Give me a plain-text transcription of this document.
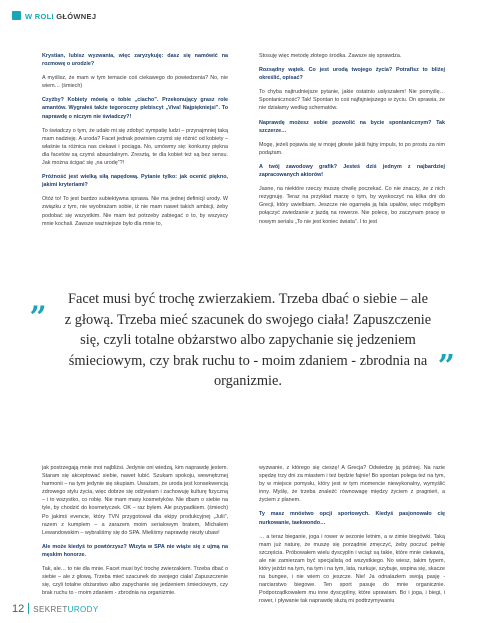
W ROLI GŁÓWNEJ

Krystian, lubisz wyzwania, więc zaryzykuję: dasz się namówić na rozmowę o urodzie?

A myślisz, że mam w tym temacie coś ciekawego do powiedzenia? No, nie wiem… (śmiech)

Czyżby? Kobiety mówią o tobie „ciacho”. Przekonujący grasz role amantów. Wygrałeś także tegoroczny plebiscyt „Viva! Najpiękniejsi”. To naprawdę o niczym nie świadczy?!

To świadczy o tym, że udało mi się zdobyć sympatię ludzi – przynajmniej taką mam nadzieję. A uroda? Facet jednak powinien czymś się różnić od kobiety – właśnie ta różnica nas ciekawi i pociąga. No, umówmy się: konkursy piękna dla facetów są czymś absurdalnym. Zresztą, te dla kobiet też są bez sensu. Jak można ścigać się „na urodę”?!

Próżność jest wielką siłą napędową. Pytanie tylko: jak ocenić piękno, jakimi kryteriami?

Otóż to! To jest bardzo subiektywna sprawa. Nie ma jednej definicji urody. W związku z tym, nie wyobrażam sobie, iż nie mam nawet takich ambicji, żeby podobać się wszystkim. Nie mam też potrzeby zabiegać o to, by wszyscy mnie kochali. Zawsze ważniejsze było dla mnie to,

Stosuję więc metodę złotego środka. Zawsze się sprawdza.

Rozsądny wątek. Co jest urodą twojego życia? Potrafisz to bliżej określić, opisać?

To chyba najtrudniejsze pytanie, jakie ostatnio usłyszałem! Nie pomyślę… Spontaniczność? Tak! Spontan to coś najfajniejszego w życiu. On sprawia, że nie działamy według schematów.

Naprawdę możesz sobie pozwolić na bycie spontanicznym? Tak szczerze…

Mogę, jeżeli pojawia się w mojej głowie jakiś fajny impuls, to po prostu za nim podążam.

A twój zawodowy grafik? Jesteś dziś jednym z najbardziej zapracowanych aktorów!

Jasne, na niektóre rzeczy muszę chwilę poczekać. Co nie znaczy, że z nich rezygnuję. Teraz na przykład marzę o tym, by wyskoczyć na kilka dni do Grecji, który uwielbiam. Jeszcze nie ogarnęła ją fala upałów, więc mógłbym połączyć zwiedzanie z jazdą na rowerze. Nie polecę, bo zaczynam pracę w nowym serialu „To nie jest koniec świata”. I to jest

„ Facet musi być trochę zwierzakiem. Trzeba dbać o siebie – ale z głową. Trzeba mieć szacunek do swojego ciała! Zapuszczenie się, czyli totalne obżarstwo albo zapychanie się jedzeniem śmieciowym, czy brak ruchu to - moim zdaniem - zbrodnia na organizmie.	”

jak postrzegają mnie moi najbliżsi. Jedynie oni wiedzą, kim naprawdę jestem. Staram się akceptować siebie, nawet lubić. Szukam spokoju, wewnętrznej harmonii – na tym jedynie się skupiam. Uważam, że uroda jest konsekwencją zdrowego stylu życia, więc dobrze się odżywiam i zachowuję kulturę fizyczną – i to wszystko, co robię. Nie mam masy kosmetyków. Nie dbam o siebie na tyle, by chodzić do kosmetyczek. OK – raz byłem. Ale przypadkiem. (śmiech) Po jakimś evencie, który TVN przygotował dla ekipy produkcyjnej „Julii”, razem z kumplem – a zarazem moim serialowym bratem, Michałem Lewandowskim – wybraliśmy się do SPA. Mieliśmy naprawdę niezły ubaw!

Ale może kiedyś to powtórzysz? Wizyta w SPA nie wiąże się z ujmą na męskim honorze.

Tak, ale… to nie dla mnie. Facet musi być trochę zwierzakiem. Trzeba dbać o siebie – ale z głową. Trzeba mieć szacunek do swojego ciała! Zapuszczenie się, czyli totalne obżarstwo albo zapychanie się jedzeniem śmieciowym, czy brak ruchu to - moim zdaniem - zbrodnia na organizmie.

wyzwanie, z którego się cieszę! A Grecja? Odwiedzę ją później. Na razie spędzę trzy dni za miastem i też będzie fajnie! Bo spontan polega też na tym, by w miejsce pomysłu, który jest w tym momencie niewykonalny, wymyślić inny. Myślę, że trzeba znaleźć równowagę między życiem z pragnień, a życiem z planem.

Ty masz mnóstwo opcji sportowych. Kiedyś pasjonowało cię nurkowanie, taekwondo…

… a teraz bieganie, joga i rower w sezonie letnim, a w zimie biegówki. Taką mam już naturę, że muszę się porządnie zmęczyć, żeby poczuć pełnię szczęścia. Próbowałem wielu dyscyplin i wciąż są takie, które mnie ciekawią, ale nie zamierzam być specjalistą od wszystkiego. No wiesz, takim typem, który jeździ na tym, na tym i na tym, lata, nurkuje, szybuje, wspina się, skacze na bungee, i nie wiem co jeszcze. Nie! Ja odnalazłem swoją pasję - narciarstwo biegowe. Ten sport pasuje do mnie organicznie. Podporządkowałem mu inne dyscypliny, które uprawiam. Bo i joga, i biegi, i rower, i pływanie tak naprawdę służą mi podtrzymywaniu

12 SEKRETURODY
